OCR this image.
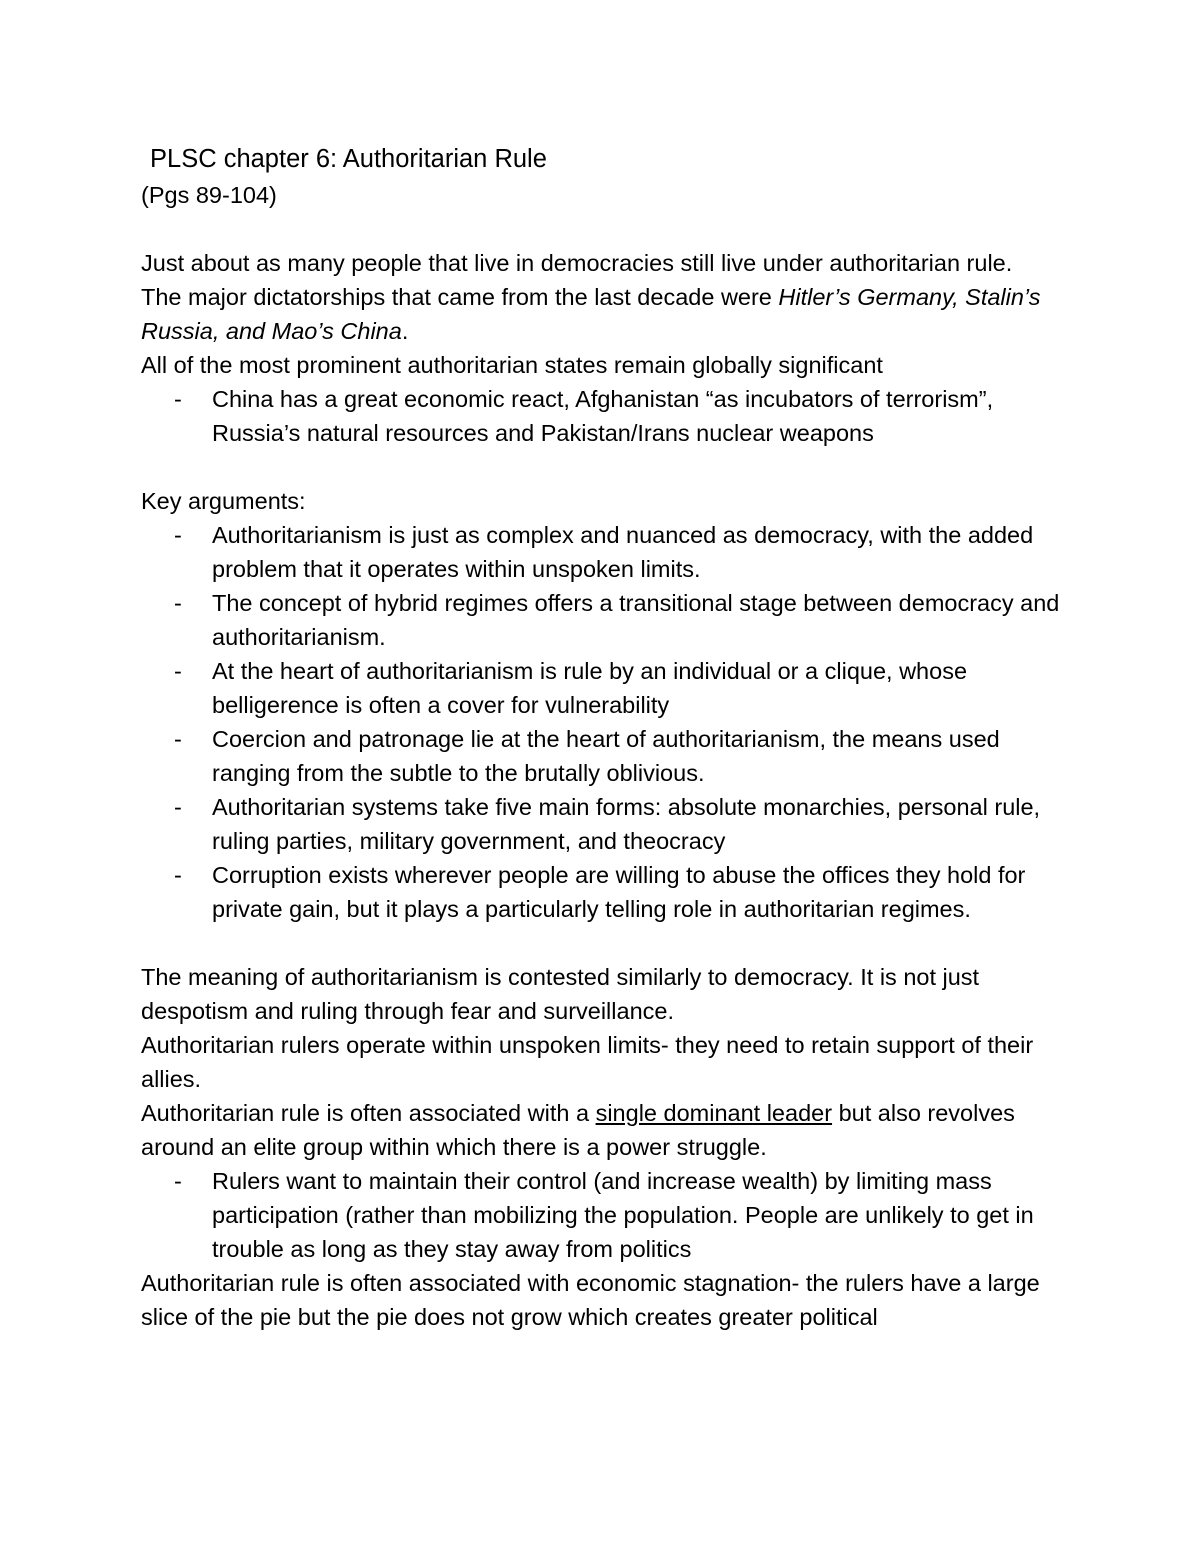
PLSC chapter 6: Authoritarian Rule

(Pgs 89-104)

Just about as many people that live in democracies still live under authoritarian rule.

The major dictatorships that came from the last decade were Hitler’s Germany, Stalin’s Russia, and Mao’s China.

All of the most prominent authoritarian states remain globally significant

- China has a great economic react, Afghanistan “as incubators of terrorism”, Russia’s natural resources and Pakistan/Irans nuclear weapons

Key arguments:

- Authoritarianism is just as complex and nuanced as democracy, with the added problem that it operates within unspoken limits.
- The concept of hybrid regimes offers a transitional stage between democracy and authoritarianism.
- At the heart of authoritarianism is rule by an individual or a clique, whose belligerence is often a cover for vulnerability
- Coercion and patronage lie at the heart of authoritarianism, the means used ranging from the subtle to the brutally oblivious.
- Authoritarian systems take five main forms: absolute monarchies, personal rule, ruling parties, military government, and theocracy
- Corruption exists wherever people are willing to abuse the offices they hold for private gain, but it plays a particularly telling role in authoritarian regimes.

The meaning of authoritarianism is contested similarly to democracy. It is not just despotism and ruling through fear and surveillance.

Authoritarian rulers operate within unspoken limits- they need to retain support of their allies.

Authoritarian rule is often associated with a single dominant leader but also revolves around an elite group within which there is a power struggle.

- Rulers want to maintain their control (and increase wealth) by limiting mass participation (rather than mobilizing the population. People are unlikely to get in trouble as long as they stay away from politics

Authoritarian rule is often associated with economic stagnation- the rulers have a large slice of the pie but the pie does not grow which creates greater political
